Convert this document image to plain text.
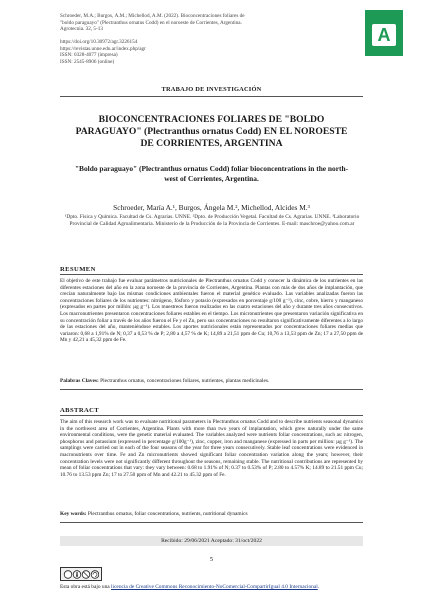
Schroeder, M.A.; Burgos, Á.M.; Michellod, A.M. (2022). Bioconcentraciones foliares de
"boldo paraguayo" (Plectranthus ornatus Codd) en el noroeste de Corrientes, Argentina.
Agrotecnia. 32, 5-13

https://doi.org/10.30972/agr.3226154
https://revistas.unne.edu.ar/index.php/agr
ISSN: 0328-4077 (impresa)
ISSN: 2545-8906 (online)
A
TRABAJO DE INVESTIGACIÓN
BIOCONCENTRACIONES FOLIARES DE "BOLDO PARAGUAYO" (Plectranthus ornatus Codd) EN EL NOROESTE DE CORRIENTES, ARGENTINA
"Boldo paraguayo" (Plectranthus ornatus Codd) foliar bioconcentrations in the north-west of Corrientes, Argentina.
Schroeder, María A.¹, Burgos, Ángela M.², Michellod, Alcides M.³
¹Dpto. Física y Química. Facultad de Cs. Agrarias. UNNE. ²Dpto. de Producción Vegetal. Facultad de Cs. Agrarias. UNNE. ³Laboratorio Provincial de Calidad Agroalimentaria. Ministerio de la Producción de la Provincia de Corrientes. E-mail: maschroe@yahoo.com.ar
RESUMEN
El objetivo de este trabajo fue evaluar parámetros nutricionales de Plectranthus ornatus Codd y conocer la dinámica de los nutrientes en las diferentes estaciones del año en la zona noroeste de la provincia de Corrientes, Argentina. Plantas con más de dos años de implantación, que crecían naturalmente bajo las mismas condiciones ambientales fueron el material genético evaluado. Las variables analizadas fueron las concentraciones foliares de los nutrientes: nitrógeno, fósforo y potasio (expresados en porcentaje g/100 g⁻¹), cinc, cobre, hierro y manganeso (expresados en partes por millón: µg g⁻¹). Los muestreos fueron realizados en las cuatro estaciones del año y durante tres años consecutivos. Los macronutrientes presentaron concentraciones foliares estables en el tiempo. Los micronutrientes que presentaron variación significativa en su concentración foliar a través de los años fueron el Fe y el Zn, pero sus concentraciones no resultaron significativamente diferentes a lo largo de las estaciones del año, manteniéndose estables. Los aportes nutricionales están representados por concentraciones foliares medias que variaron: 0,68 a 1,91% de N; 0,37 a 0,53 % de P; 2,80 a 4,57 % de K; 14,89 a 21,51 ppm de Cu; 10,76 a 13,53 ppm de Zn; 17 a 27,50 ppm de Mn y 42,21 a 45,32 ppm de Fe.
Palabras Claves: Plectranthus ornatus, concentraciones foliares, nutrientes, plantas medicinales.
ABSTRACT
The aim of this research work was to evaluate nutritional parameters in Plectranthus ornatus Codd and to describe nutrients seasonal dynamics in the northwest area of Corrientes, Argentina. Plants with more than two years of implantation, which grew naturally under the same environmental conditions, were the genetic material evaluated. The variables analyzed were nutrients foliar concentrations, such as: nitrogen, phosphorus and potassium (expressed in percentage g/100g⁻¹), zinc, copper, iron and manganese (expressed in parts per million: µg g⁻¹). The samplings were carried out in each of the four seasons of the year for three years consecutively. Stable leaf concentrations were evidenced in macronutrients over time. Fe and Zn micronutrients showed significant foliar concentration variation along the years; however, their concentration levels were not significantly different throughout the seasons, remaining stable. The nutritional contributions are represented by mean of foliar concentrations that vary: they vary between: 0.68 to 1.91% of N; 0.37 to 0.53% of P; 2.80 to 4.57% K; 14.89 to 21.51 ppm Cu; 10.76 to 13.53 ppm Zn; 17 to 27.50 ppm of Mn and 42.21 to 45.32 ppm of Fe.
Key words: Plectranthus ornatus, foliar concentrations, nutrients, nutritional dynamics
Recibido: 29/06/2021 Aceptado: 31/oct/2022
5
Esta obra está bajo una licencia de Creative Commons Reconocimiento-NoComercial-CompartirIgual 4.0 Internacional.
